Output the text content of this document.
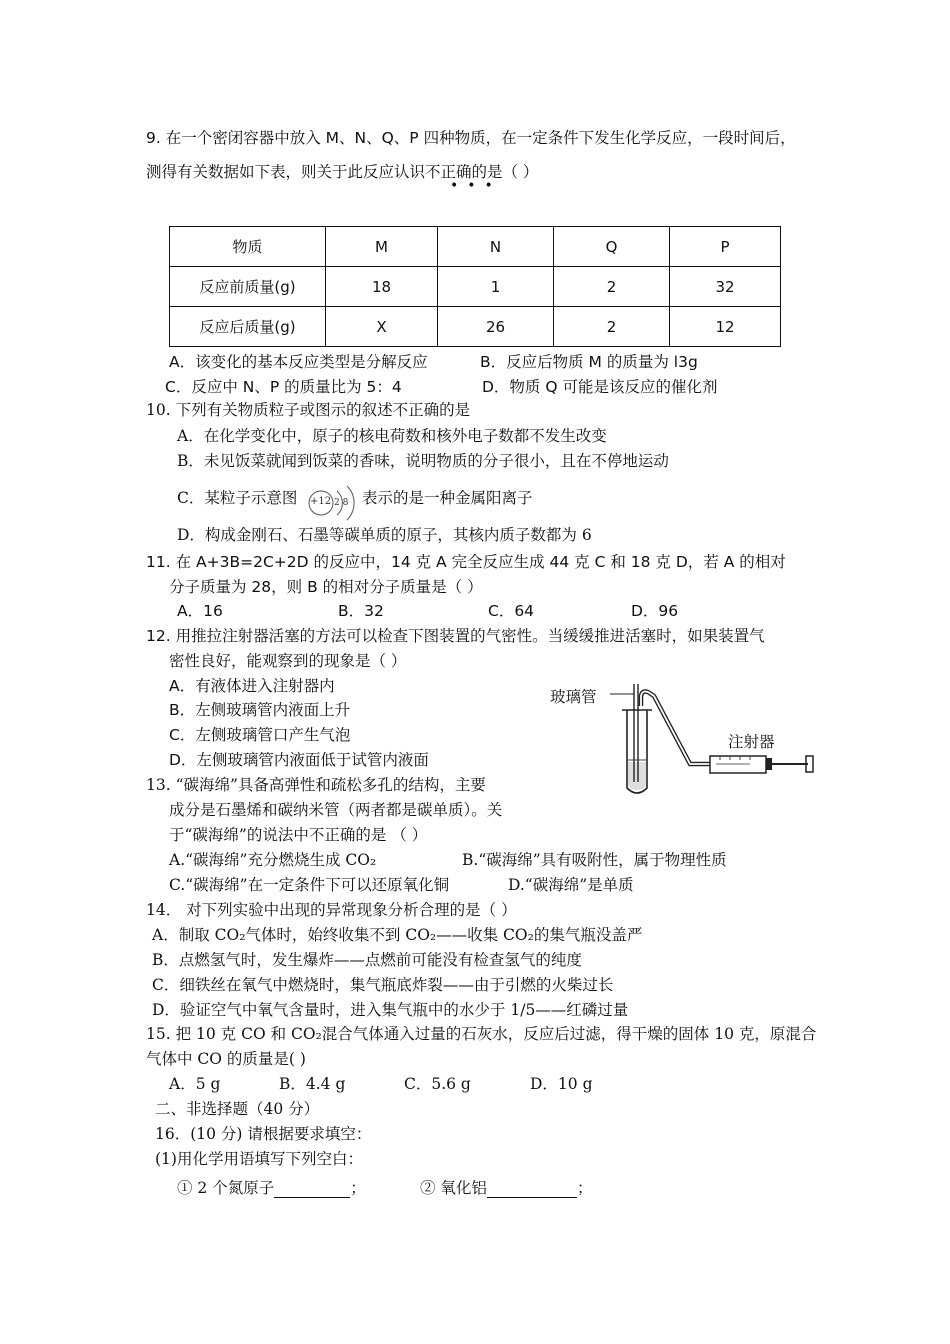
9. 在一个密闭容器中放入 M、N、Q、P 四种物质，在一定条件下发生化学反应，一段时间后，
测得有关数据如下表，则关于此反应认识不正确的是（ ）
•••
物质	M	N	Q	P
反应前质量(g)	18	1	2	32
反应后质量(g)	X	26	2	12
A．该变化的基本反应类型是分解反应	B．反应后物质 M 的质量为 l3g
C．反应中 N、P 的质量比为 5：4	D．物质 Q 可能是该反应的催化剂
10. 下列有关物质粒子或图示的叙述不正确的是
A．在化学变化中，原子的核电荷数和核外电子数都不发生改变
B．未见饭菜就闻到饭菜的香味，说明物质的分子很小，且在不停地运动
C．某粒子示意图 +12 2 8 表示的是一种金属阳离子
D．构成金刚石、石墨等碳单质的原子，其核内质子数都为 6
11. 在 A+3B=2C+2D 的反应中，14 克 A 完全反应生成 44 克 C 和 18 克 D，若 A 的相对
分子质量为 28，则 B 的相对分子质量是（ ）
A．16	B．32	C．64	D．96
12. 用推拉注射器活塞的方法可以检查下图装置的气密性。当缓缓推进活塞时，如果装置气
密性良好，能观察到的现象是（ ）
A．有液体进入注射器内
B．左侧玻璃管内液面上升
C．左侧玻璃管口产生气泡
D．左侧玻璃管内液面低于试管内液面
玻璃管
注射器
13. “碳海绵”具备高弹性和疏松多孔的结构，主要
成分是石墨烯和碳纳米管（两者都是碳单质）。关
于“碳海绵”的说法中不正确的是 （ ）
A.“碳海绵”充分燃烧生成 CO₂	B.“碳海绵”具有吸附性，属于物理性质
C.“碳海绵”在一定条件下可以还原氧化铜	D.“碳海绵”是单质
14． 对下列实验中出现的异常现象分析合理的是（ ）
A．制取 CO₂气体时，始终收集不到 CO₂——收集 CO₂的集气瓶没盖严
B．点燃氢气时，发生爆炸——点燃前可能没有检查氢气的纯度
C．细铁丝在氧气中燃烧时，集气瓶底炸裂——由于引燃的火柴过长
D．验证空气中氧气含量时，进入集气瓶中的水少于 1/5——红磷过量
15. 把 10 克 CO 和 CO₂混合气体通入过量的石灰水，反应后过滤，得干燥的固体 10 克，原混合
气体中 CO 的质量是( )
A．5 g	B．4.4 g	C．5.6 g	D．10 g
二、非选择题（40 分）
16．(10 分) 请根据要求填空：
(1)用化学用语填写下列空白：
① 2 个氮原子	；	② 氧化铝	；
